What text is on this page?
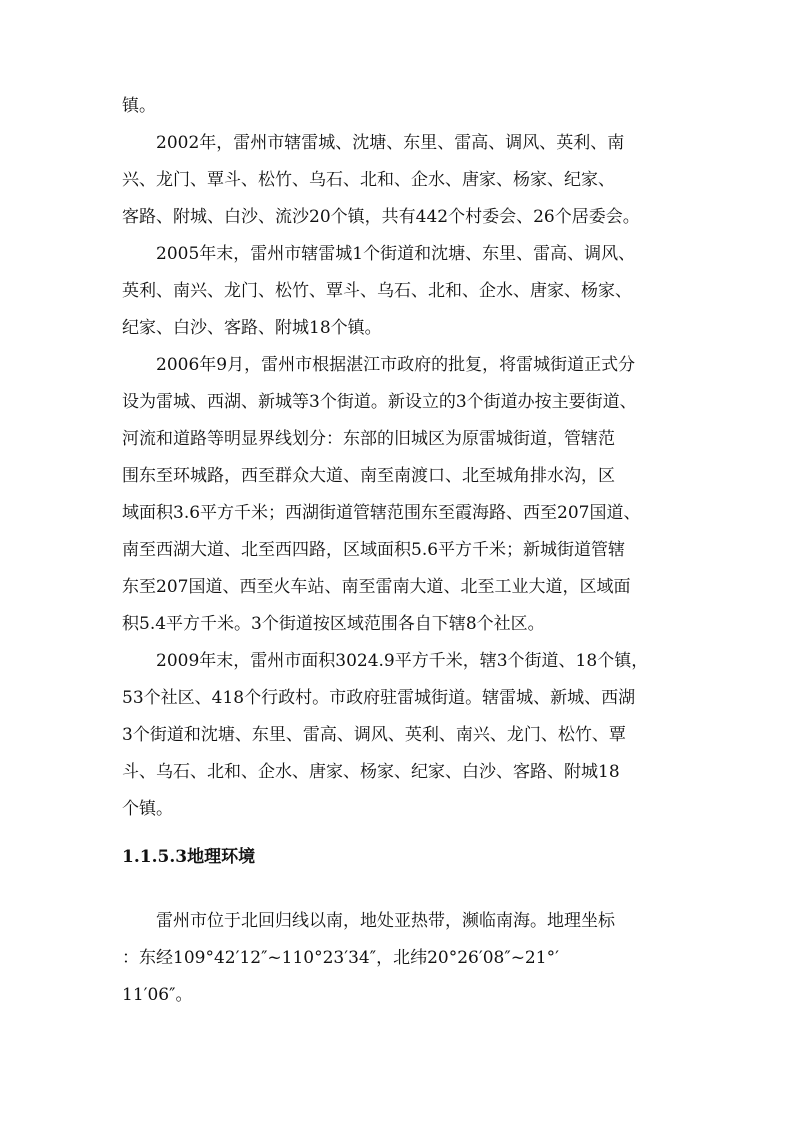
镇。
2002年，雷州市辖雷城、沈塘、东里、雷高、调风、英利、南
兴、龙门、覃斗、松竹、乌石、北和、企水、唐家、杨家、纪家、
客路、附城、白沙、流沙20个镇，共有442个村委会、26个居委会。
2005年末，雷州市辖雷城1个街道和沈塘、东里、雷高、调风、
英利、南兴、龙门、松竹、覃斗、乌石、北和、企水、唐家、杨家、
纪家、白沙、客路、附城18个镇。
2006年9月，雷州市根据湛江市政府的批复，将雷城街道正式分
设为雷城、西湖、新城等3个街道。新设立的3个街道办按主要街道、
河流和道路等明显界线划分：东部的旧城区为原雷城街道，管辖范
围东至环城路，西至群众大道、南至南渡口、北至城角排水沟，区
域面积3.6平方千米；西湖街道管辖范围东至霞海路、西至207国道、
南至西湖大道、北至西四路，区域面积5.6平方千米；新城街道管辖
东至207国道、西至火车站、南至雷南大道、北至工业大道，区域面
积5.4平方千米。3个街道按区域范围各自下辖8个社区。
2009年末，雷州市面积3024.9平方千米，辖3个街道、18个镇，
53个社区、418个行政村。市政府驻雷城街道。辖雷城、新城、西湖
3个街道和沈塘、东里、雷高、调风、英利、南兴、龙门、松竹、覃
斗、乌石、北和、企水、唐家、杨家、纪家、白沙、客路、附城18
个镇。
1.1.5.3地理环境
雷州市位于北回归线以南，地处亚热带，濒临南海。地理坐标
：东经109°42′12″~110°23′34″，北纬20°26′08″~21°′
11′06″。
